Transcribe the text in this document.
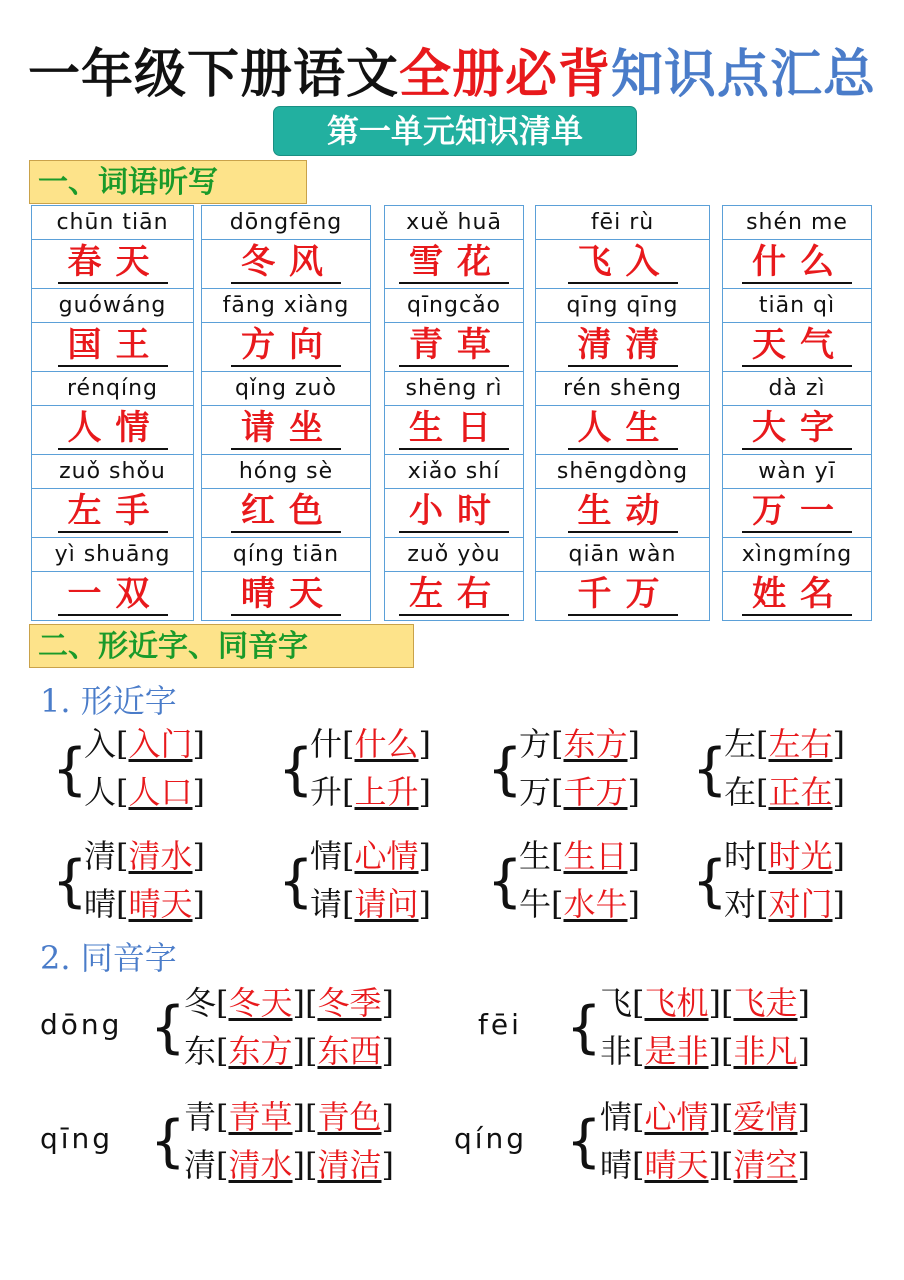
一年级下册语文全册必背知识点汇总
第一单元知识清单
一、词语听写
chūn tiān
春天
guówáng
国王
rénqíng
人情
zuǒ shǒu
左手
yì shuāng
一双
dōngfēng
冬风
fāng xiàng
方向
qǐng zuò
请坐
hóng sè
红色
qíng tiān
晴天
xuě huā
雪花
qīngcǎo
青草
shēng rì
生日
xiǎo shí
小时
zuǒ yòu
左右
fēi rù
飞入
qīng qīng
清清
rén shēng
人生
shēngdòng
生动
qiān wàn
千万
shén me
什么
tiān qì
天气
dà zì
大字
wàn yī
万一
xìngmíng
姓名
二、形近字、同音字
1. 形近字
{
入[入门]
人[人口] {
什[什么]
升[上升] {
方[东方]
万[千万] {
左[左右]
在[正在]
{
清[清水]
晴[晴天] {
情[心情]
请[请问] {
生[生日]
牛[水牛] {
时[时光]
对[对门]
2. 同音字
dōng {
冬[冬天][冬季]
东[东方][东西]
fēi {
飞[飞机][飞走]
非[是非][非凡]
qīng {
青[青草][青色]
清[清水][清洁]
qíng {
情[心情][爱情]
晴[晴天][清空]
